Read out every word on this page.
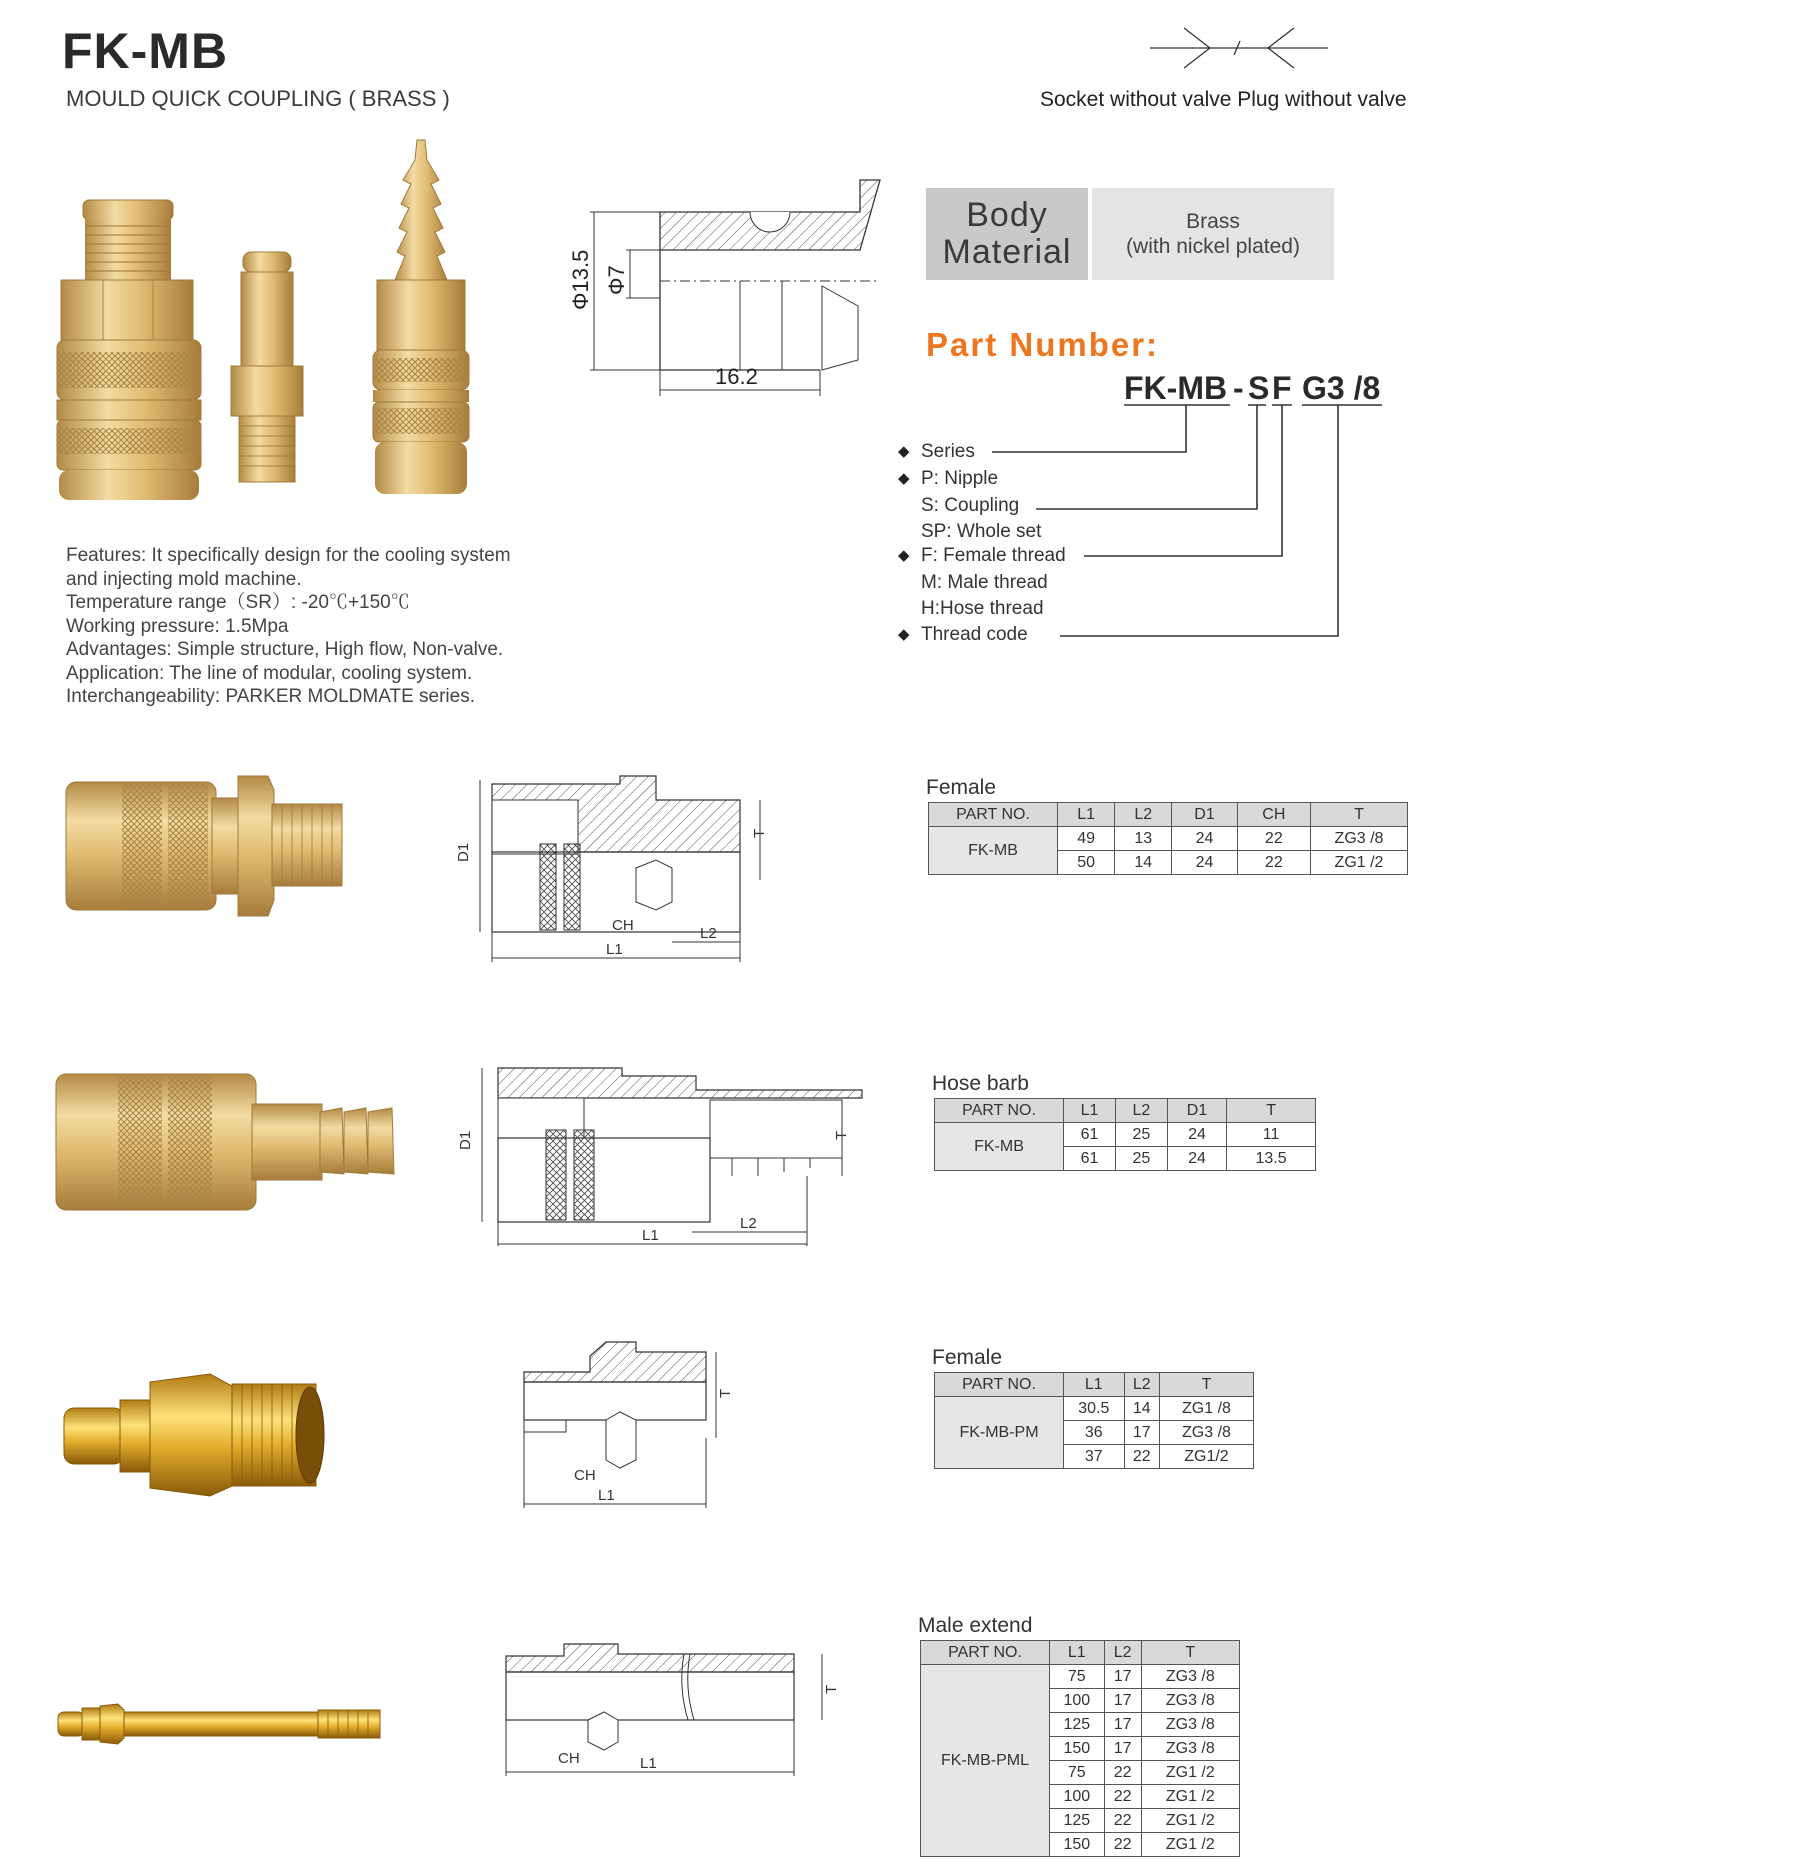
FK-MB
MOULD QUICK COUPLING ( BRASS )	Socket without valve Plug without valve
Φ13.5 Φ7
16.2
Features: It specifically design for the cooling system
and injecting mold machine.
Temperature range（SR）: -20℃+150℃
Working pressure: 1.5Mpa
Advantages: Simple structure, High flow, Non-valve.
Application: The line of modular, cooling system.
Interchangeability: PARKER MOLDMATE series.
Body
Material
Brass
(with nickel plated)
Part Number:
FK-MB - S F G3 /8
◆ Series
◆ P: Nipple
S: Coupling
SP: Whole set
◆ F: Female thread
M: Male thread
H:Hose thread
◆ Thread code
D1
T
CH	L2
L1
Female
PART NO.	L1	L2	D1	CH	T
FK-MB	49	13	24	22	ZG3 /8
	50	14	24	22	ZG1 /2
D1	T
L2
L1
Hose barb
PART NO.	L1	L2	D1	T
FK-MB	61	25	24	11
	61	25	24	13.5
T
CH
L1
Female
PART NO.	L1	L2	T
FK-MB-PM	30.5	14	ZG1 /8
	36	17	ZG3 /8
	37	22	ZG1/2
T
CH	L1
Male extend
PART NO.	L1	L2	T
FK-MB-PML	75	17	ZG3 /8
	100	17	ZG3 /8
	125	17	ZG3 /8
	150	17	ZG3 /8
	75	22	ZG1 /2
	100	22	ZG1 /2
	125	22	ZG1 /2
	150	22	ZG1 /2
